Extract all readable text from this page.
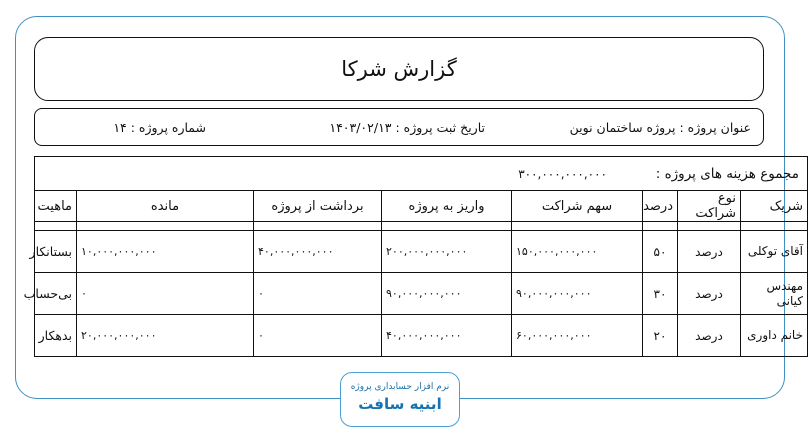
گزارش شرکا
عنوان پروژه : پروژه ساختمان نوین
تاریخ ثبت پروژه : ۱۴۰۳/۰۲/۱۳
شماره پروژه : ۱۴
مجموع هزینه های پروژه :
۳۰۰,۰۰۰,۰۰۰,۰۰۰							

شریک	نوع شراکت	درصد	سهم شراکت	واریز به پروژه	برداشت از پروژه	مانده	ماهیت

آقای توکلی	درصد	۵۰	۱۵۰,۰۰۰,۰۰۰,۰۰۰	۲۰۰,۰۰۰,۰۰۰,۰۰۰	۴۰,۰۰۰,۰۰۰,۰۰۰	۱۰,۰۰۰,۰۰۰,۰۰۰	بستانکار
مهندس کیانی	درصد	۳۰	۹۰,۰۰۰,۰۰۰,۰۰۰	۹۰,۰۰۰,۰۰۰,۰۰۰	۰	۰	بی‌حساب
خانم داوری	درصد	۲۰	۶۰,۰۰۰,۰۰۰,۰۰۰	۴۰,۰۰۰,۰۰۰,۰۰۰	۰	۲۰,۰۰۰,۰۰۰,۰۰۰	بدهکار
نرم افزار حسابداری پروژه
ابنیه سافت
